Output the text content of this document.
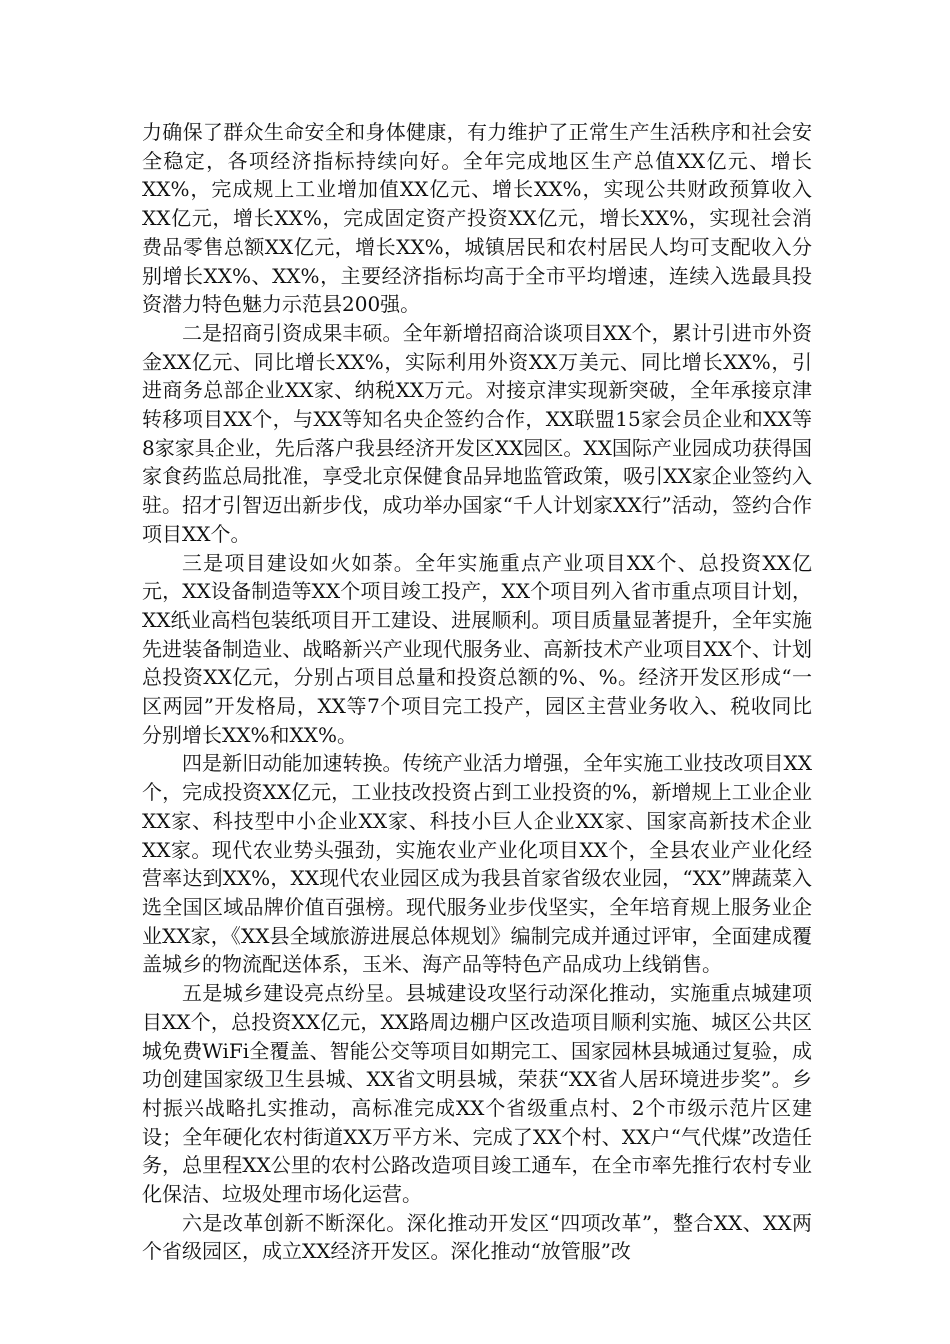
力确保了群众生命安全和身体健康，有力维护了正常生产生活秩序和社会安全稳定，各项经济指标持续向好。全年完成地区生产总值XX亿元、增长XX%，完成规上工业增加值XX亿元、增长XX%，实现公共财政预算收入XX亿元，增长XX%，完成固定资产投资XX亿元，增长XX%，实现社会消费品零售总额XX亿元，增长XX%，城镇居民和农村居民人均可支配收入分别增长XX%、XX%，主要经济指标均高于全市平均增速，连续入选最具投资潜力特色魅力示范县200强。

二是招商引资成果丰硕。全年新增招商洽谈项目XX个，累计引进市外资金XX亿元、同比增长XX%，实际利用外资XX万美元、同比增长XX%，引进商务总部企业XX家、纳税XX万元。对接京津实现新突破，全年承接京津转移项目XX个，与XX等知名央企签约合作，XX联盟15家会员企业和XX等8家家具企业，先后落户我县经济开发区XX园区。XX国际产业园成功获得国家食药监总局批准，享受北京保健食品异地监管政策，吸引XX家企业签约入驻。招才引智迈出新步伐，成功举办国家“千人计划家XX行”活动，签约合作项目XX个。

三是项目建设如火如荼。全年实施重点产业项目XX个、总投资XX亿元，XX设备制造等XX个项目竣工投产，XX个项目列入省市重点项目计划，XX纸业高档包装纸项目开工建设、进展顺利。项目质量显著提升，全年实施先进装备制造业、战略新兴产业现代服务业、高新技术产业项目XX个、计划总投资XX亿元，分别占项目总量和投资总额的%、%。经济开发区形成“一区两园”开发格局，XX等7个项目完工投产，园区主营业务收入、税收同比分别增长XX%和XX%。

四是新旧动能加速转换。传统产业活力增强，全年实施工业技改项目XX个，完成投资XX亿元，工业技改投资占到工业投资的%，新增规上工业企业XX家、科技型中小企业XX家、科技小巨人企业XX家、国家高新技术企业XX家。现代农业势头强劲，实施农业产业化项目XX个，全县农业产业化经营率达到XX%，XX现代农业园区成为我县首家省级农业园，“XX”牌蔬菜入选全国区域品牌价值百强榜。现代服务业步伐坚实，全年培育规上服务业企业XX家，《XX县全域旅游进展总体规划》编制完成并通过评审，全面建成覆盖城乡的物流配送体系，玉米、海产品等特色产品成功上线销售。

五是城乡建设亮点纷呈。县城建设攻坚行动深化推动，实施重点城建项目XX个，总投资XX亿元，XX路周边棚户区改造项目顺利实施、城区公共区城免费WiFi全覆盖、智能公交等项目如期完工、国家园林县城通过复验，成功创建国家级卫生县城、XX省文明县城，荣获“XX省人居环境进步奖”。乡村振兴战略扎实推动，高标准完成XX个省级重点村、2个市级示范片区建设；全年硬化农村街道XX万平方米、完成了XX个村、XX户“气代煤”改造任务，总里程XX公里的农村公路改造项目竣工通车，在全市率先推行农村专业化保洁、垃圾处理市场化运营。

六是改革创新不断深化。深化推动开发区“四项改革”，整合XX、XX两个省级园区，成立XX经济开发区。深化推动“放管服”改
